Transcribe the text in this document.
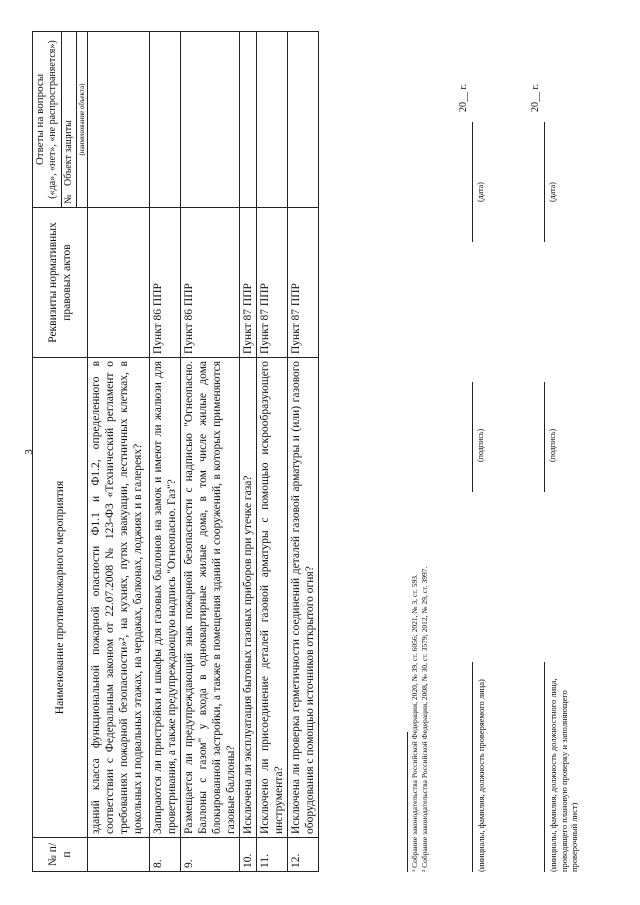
3
№ п/п	Наименование противопожарного мероприятия	Реквизиты нормативных правовых актов	Ответы на вопросы («да», «нет», «не распространяется»)

			№ Объект защиты
			(наименование объекта)
	зданий класса функциональной пожарной опасности Ф1.1 и Ф1.2, определенного в соответствии с Федеральным законом от 22.07.2008 № 123-ФЗ «Технический регламент о требованиях пожарной безопасности»², на кухнях, путях эвакуации, лестничных клетках, в цокольных и подвальных этажах, на чердаках, балконах, лоджиях и в галереях?		
8.	Запираются ли пристройки и шкафы для газовых баллонов на замок и имеют ли жалюзи для проветривания, а также предупреждающую надпись "Огнеопасно. Газ"?	Пункт 86 ППР	
9.	Размещается ли предупреждающий знак пожарной безопасности с надписью "Огнеопасно. Баллоны с газом" у входа в одноквартирные жилые дома, в том числе жилые дома блокированной застройки, а также в помещения зданий и сооружений, в которых применяются газовые баллоны?	Пункт 86 ППР	
10.	Исключена ли эксплуатация бытовых газовых приборов при утечке газа?	Пункт 87 ППР	
11.	Исключено ли присоединение деталей газовой арматуры с помощью искрообразующего инструмента?	Пункт 87 ППР	
12.	Исключена ли проверка герметичности соединений деталей газовой арматуры и (или) газового оборудования с помощью источников открытого огня?	Пункт 87 ППР	
¹ Собрание законодательства Российской Федерации, 2020, № 39, ст. 6056; 2021, № 3, ст. 593. ² Собрание законодательства Российской Федерации, 2008, № 30, ст. 3579; 2012, № 29, ст. 3997.	(инициалы, фамилия, должность проверяемого лица)
(подпись)
(дата)
20__ г.
(инициалы, фамилия, должность должностного лица, проводящего плановую проверку и заполняющего проверочный лист)
(подпись)
(дата)
20__ г.
